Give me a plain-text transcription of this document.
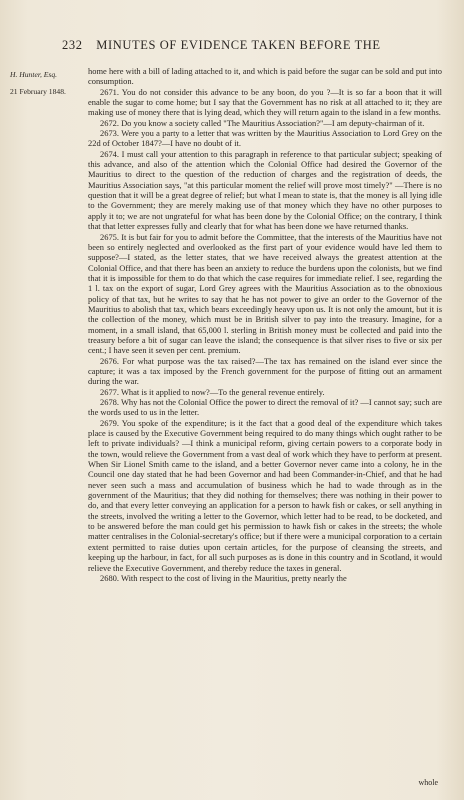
232 MINUTES OF EVIDENCE TAKEN BEFORE THE
H. Hunter, Esq.
21 February 1848.

home here with a bill of lading attached to it, and which is paid before the sugar can be sold and put into consumption.

2671. You do not consider this advance to be any boon, do you ?—It is so far a boon that it will enable the sugar to come home; but I say that the Government has no risk at all attached to it; they are making use of money there that is lying dead, which they will return again to the island in a few months.

2672. Do you know a society called "The Mauritius Association?"—I am deputy-chairman of it.

2673. Were you a party to a letter that was written by the Mauritius Association to Lord Grey on the 22d of October 1847?—I have no doubt of it.

2674. I must call your attention to this paragraph in reference to that particular subject; speaking of this advance, and also of the attention which the Colonial Office had desired the Governor of the Mauritius to direct to the question of the reduction of charges and the registration of deeds, the Mauritius Association says, "at this particular moment the relief will prove most timely?" —There is no question that it will be a great degree of relief; but what I mean to state is, that the money is all lying idle to the Government; they are merely making use of that money which they have no other purposes to apply it to; we are not ungrateful for what has been done by the Colonial Office; on the contrary, I think that that letter expresses fully and clearly that for what has been done we have returned thanks.

2675. It is but fair for you to admit before the Committee, that the interests of the Mauritius have not been so entirely neglected and overlooked as the first part of your evidence would have led them to suppose?—I stated, as the letter states, that we have received always the greatest attention at the Colonial Office, and that there has been an anxiety to reduce the burdens upon the colonists, but we find that it is impossible for them to do that which the case requires for immediate relief. I see, regarding the 1 l. tax on the export of sugar, Lord Grey agrees with the Mauritius Association as to the obnoxious policy of that tax, but he writes to say that he has not power to give an order to the Governor of the Mauritius to abolish that tax, which bears exceedingly heavy upon us. It is not only the amount, but it is the collection of the money, which must be in British silver to pay into the treasury. Imagine, for a moment, in a small island, that 65,000 l. sterling in British money must be collected and paid into the treasury before a bit of sugar can leave the island; the consequence is that silver rises to five or six per cent.; I have seen it seven per cent. premium.

2676. For what purpose was the tax raised?—The tax has remained on the island ever since the capture; it was a tax imposed by the French government for the purpose of fitting out an armament during the war.

2677. What is it applied to now?—To the general revenue entirely.

2678. Why has not the Colonial Office the power to direct the removal of it? —I cannot say; such are the words used to us in the letter.

2679. You spoke of the expenditure; is it the fact that a good deal of the expenditure which takes place is caused by the Executive Government being required to do many things which ought rather to be left to private individuals? —I think a municipal reform, giving certain powers to a corporate body in the town, would relieve the Government from a vast deal of work which they have to perform at present. When Sir Lionel Smith came to the island, and a better Governor never came into a colony, he in the Council one day stated that he had been Governor and had been Commander-in-Chief, and that he had never seen such a mass and accumulation of business which he had to wade through as in the government of the Mauritius; that they did nothing for themselves; there was nothing in their power to do, and that every letter conveying an application for a person to hawk fish or cakes, or sell anything in the streets, involved the writing a letter to the Governor, which letter had to be read, to be docketed, and to be answered before the man could get his permission to hawk fish or cakes in the streets; the whole matter centralises in the Colonial-secretary's office; but if there were a municipal corporation to a certain extent permitted to raise duties upon certain articles, for the purpose of cleansing the streets, and keeping up the harbour, in fact, for all such purposes as is done in this country and in Scotland, it would relieve the Executive Government, and thereby reduce the taxes in general.

2680. With respect to the cost of living in the Mauritius, pretty nearly the

whole
